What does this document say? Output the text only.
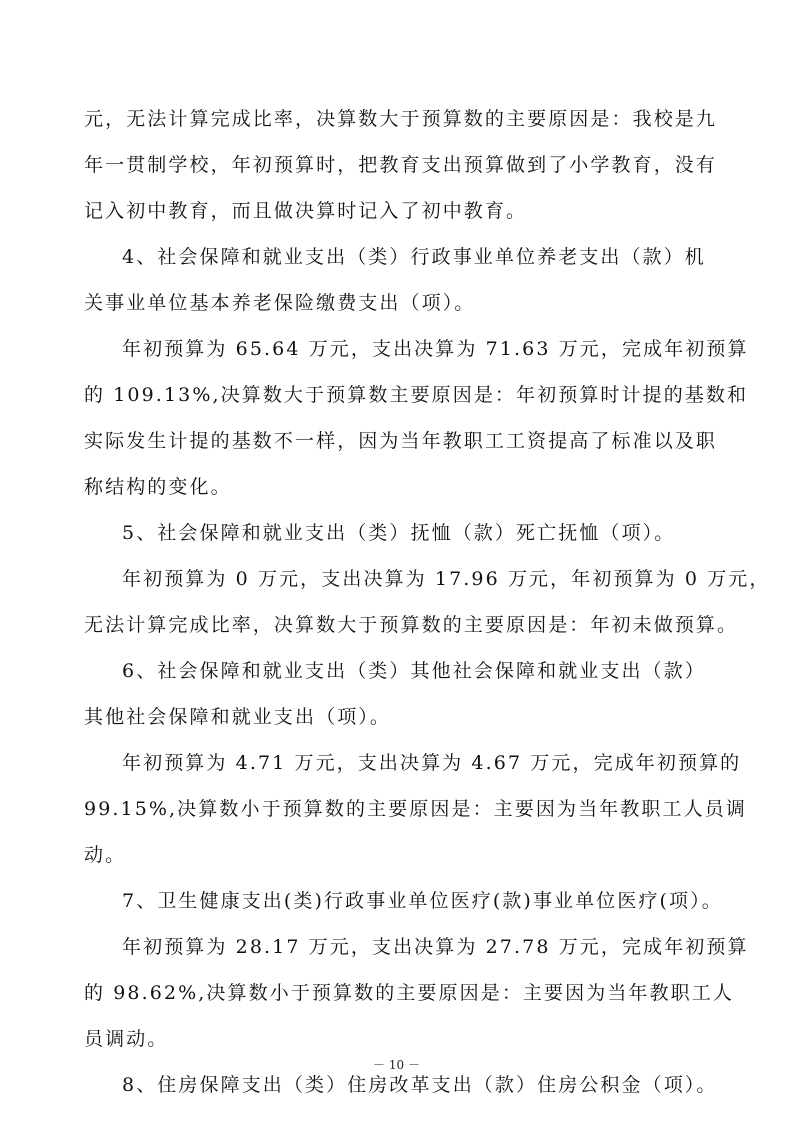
元，无法计算完成比率，决算数大于预算数的主要原因是：我校是九
年一贯制学校，年初预算时，把教育支出预算做到了小学教育，没有
记入初中教育，而且做决算时记入了初中教育。
4、社会保障和就业支出（类）行政事业单位养老支出（款）机
关事业单位基本养老保险缴费支出（项）。
年初预算为 65.64 万元，支出决算为 71.63 万元，完成年初预算
的 109.13%,决算数大于预算数主要原因是：年初预算时计提的基数和
实际发生计提的基数不一样，因为当年教职工工资提高了标准以及职
称结构的变化。
5、社会保障和就业支出（类）抚恤（款）死亡抚恤（项）。
年初预算为 0 万元，支出决算为 17.96 万元，年初预算为 0 万元，
无法计算完成比率，决算数大于预算数的主要原因是：年初未做预算。
6、社会保障和就业支出（类）其他社会保障和就业支出（款）
其他社会保障和就业支出（项）。
年初预算为 4.71 万元，支出决算为 4.67 万元，完成年初预算的
99.15%,决算数小于预算数的主要原因是：主要因为当年教职工人员调
动。
7、卫生健康支出(类)行政事业单位医疗(款)事业单位医疗(项）。
年初预算为 28.17 万元，支出决算为 27.78 万元，完成年初预算
的 98.62%,决算数小于预算数的主要原因是：主要因为当年教职工人
员调动。
8、住房保障支出（类）住房改革支出（款）住房公积金（项）。
－ 10 －
